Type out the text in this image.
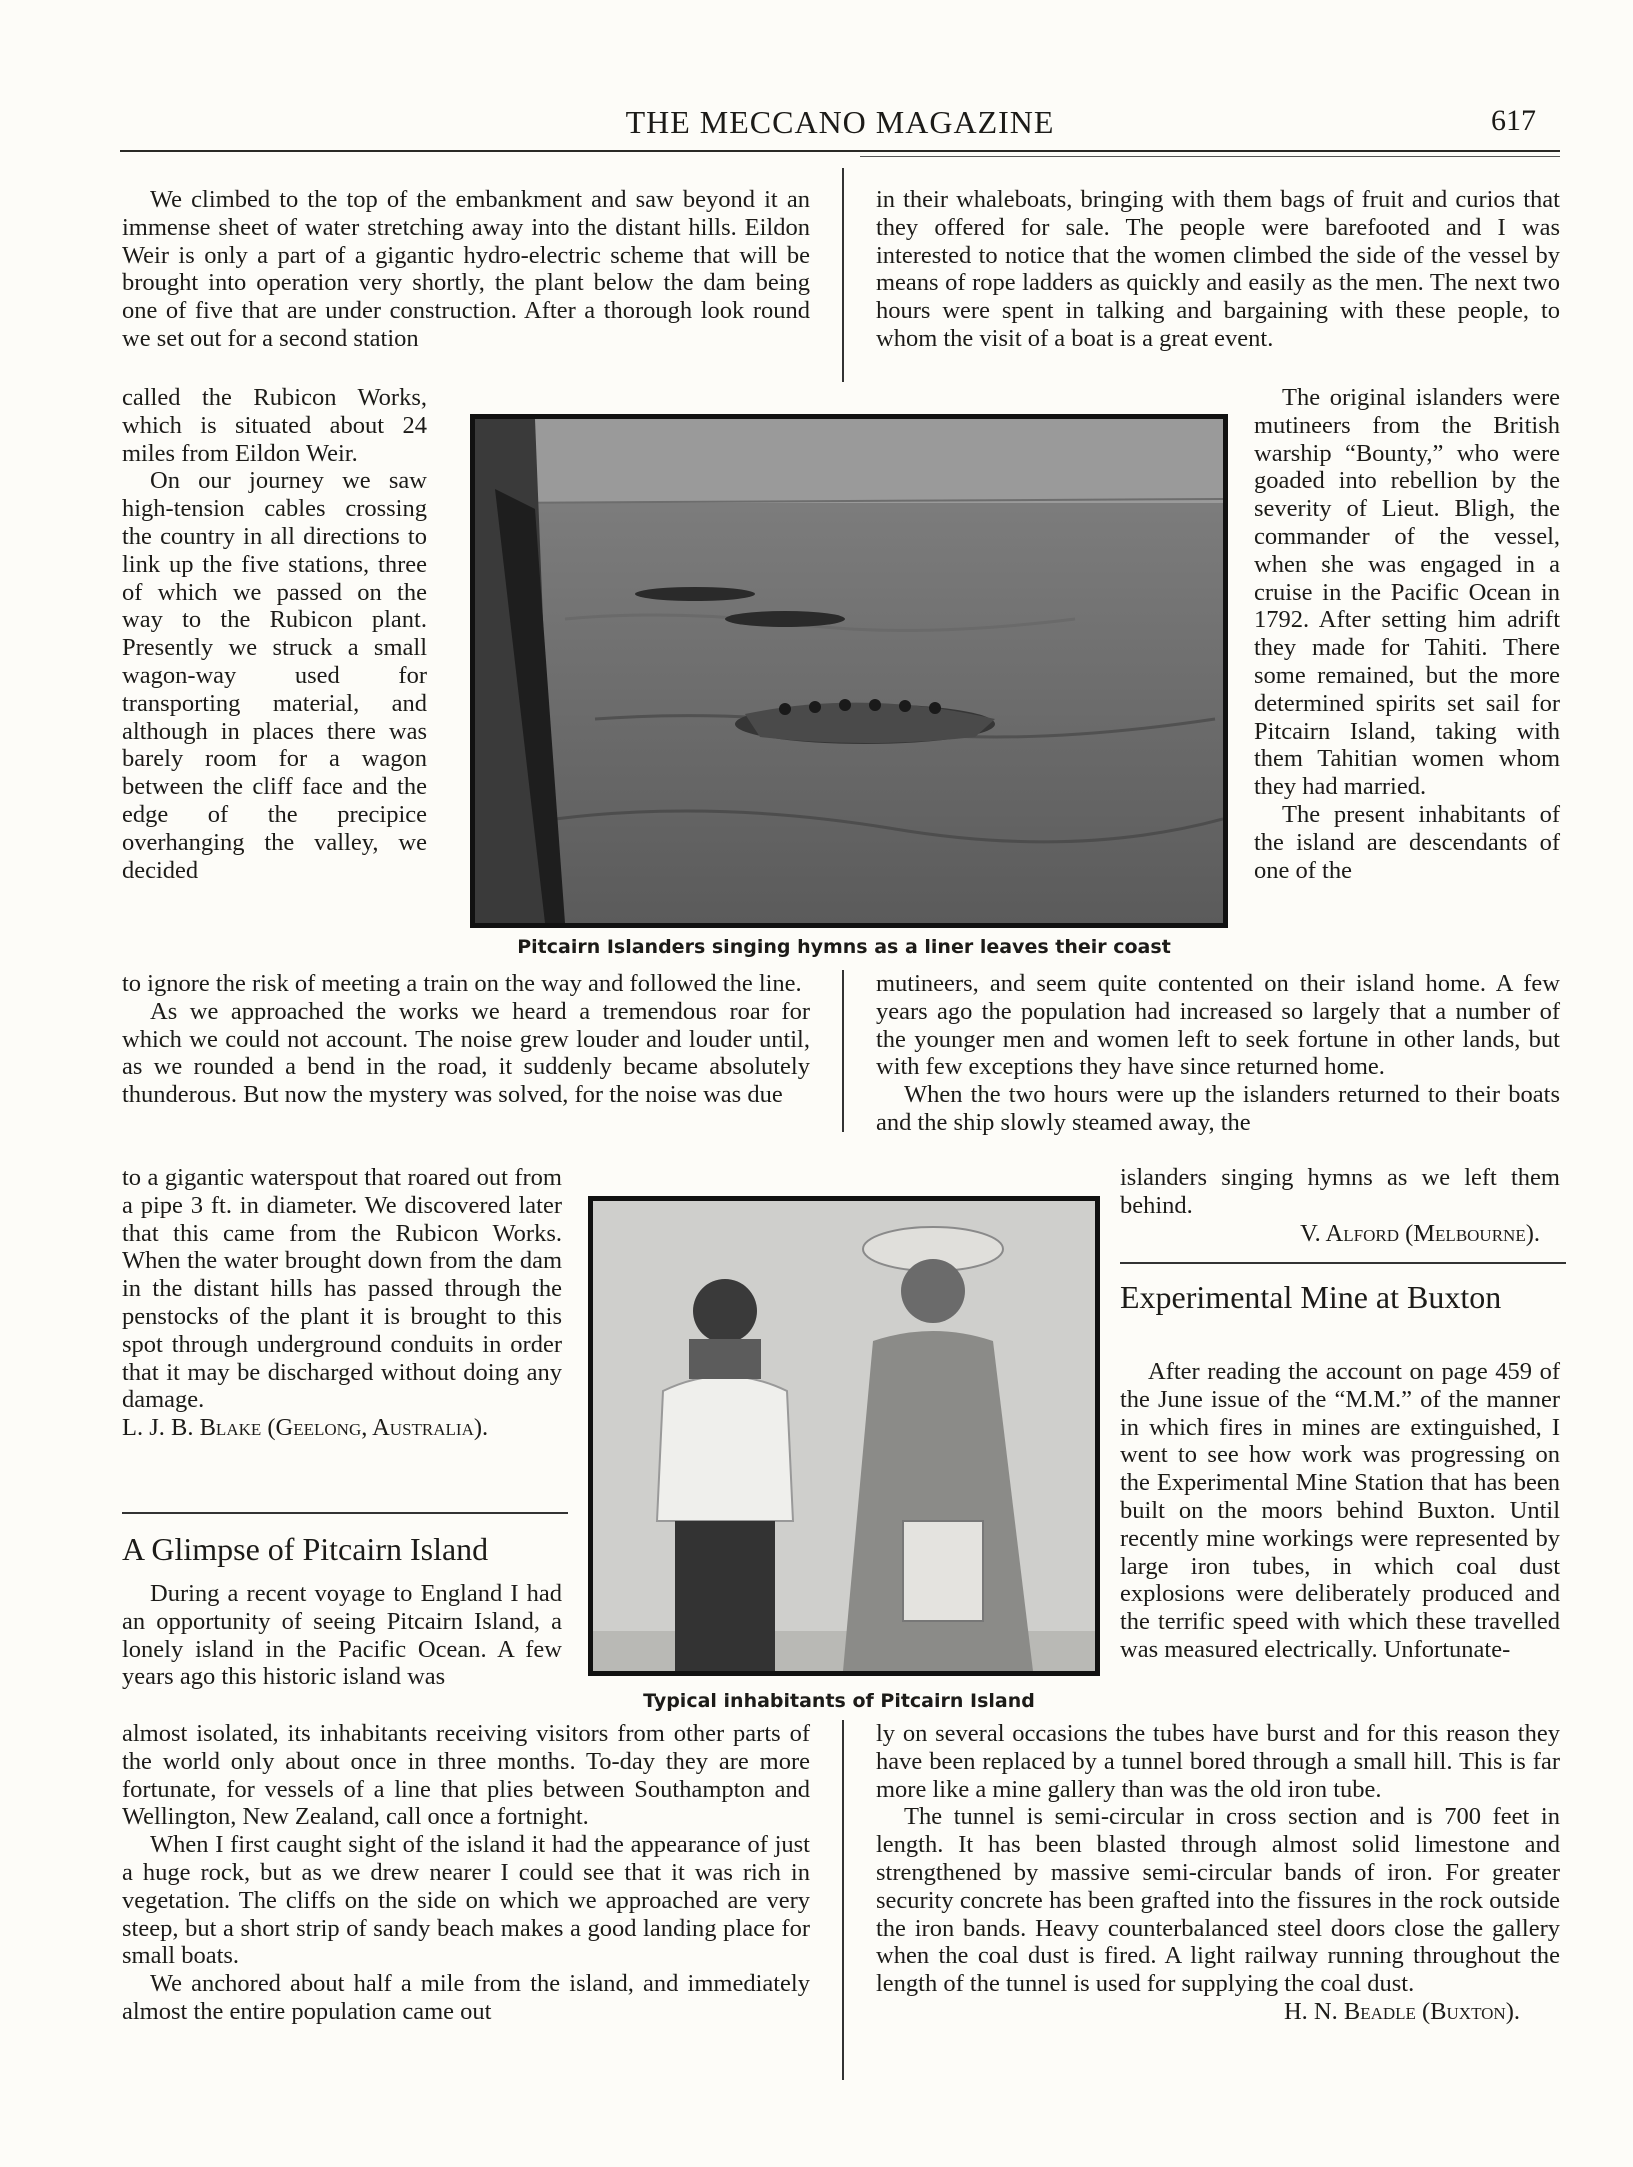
THE MECCANO MAGAZINE	617

We climbed to the top of the embankment and saw beyond it an immense sheet of water stretching away into the distant hills. Eildon Weir is only a part of a gigantic hydro-electric scheme that will be brought into operation very shortly, the plant below the dam being one of five that are under construction. After a thorough look round we set out for a second station

called the Rubicon Works, which is situated about 24 miles from Eildon Weir.

On our journey we saw high-tension cables crossing the country in all directions to link up the five stations, three of which we passed on the way to the Rubicon plant. Presently we struck a small wagon-way used for transporting material, and although in places there was barely room for a wagon between the cliff face and the edge of the precipice overhanging the valley, we decided

to ignore the risk of meeting a train on the way and followed the line.

As we approached the works we heard a tremendous roar for which we could not account. The noise grew louder and louder until, as we rounded a bend in the road, it suddenly became absolutely thunderous. But now the mystery was solved, for the noise was due

to a gigantic waterspout that roared out from a pipe 3 ft. in diameter. We discovered later that this came from the Rubicon Works. When the water brought down from the dam in the distant hills has passed through the penstocks of the plant it is brought to this spot through underground conduits in order that it may be discharged without doing any damage.

L. J. B. Blake (Geelong, Australia).

A Glimpse of Pitcairn Island

During a recent voyage to England I had an opportunity of seeing Pitcairn Island, a lonely island in the Pacific Ocean. A few years ago this historic island was

almost isolated, its inhabitants receiving visitors from other parts of the world only about once in three months. To-day they are more fortunate, for vessels of a line that plies between Southampton and Wellington, New Zealand, call once a fortnight.

When I first caught sight of the island it had the appearance of just a huge rock, but as we drew nearer I could see that it was rich in vegetation. The cliffs on the side on which we approached are very steep, but a short strip of sandy beach makes a good landing place for small boats.

We anchored about half a mile from the island, and immediately almost the entire population came out

in their whaleboats, bringing with them bags of fruit and curios that they offered for sale. The people were barefooted and I was interested to notice that the women climbed the side of the vessel by means of rope ladders as quickly and easily as the men. The next two hours were spent in talking and bargaining with these people, to whom the visit of a boat is a great event.

The original islanders were mutineers from the British warship “Bounty,” who were goaded into rebellion by the severity of Lieut. Bligh, the commander of the vessel, when she was engaged in a cruise in the Pacific Ocean in 1792. After setting him adrift they made for Tahiti. There some remained, but the more determined spirits set sail for Pitcairn Island, taking with them Tahitian women whom they had married.

The present inhabitants of the island are descendants of one of the

mutineers, and seem quite contented on their island home. A few years ago the population had increased so largely that a number of the younger men and women left to seek fortune in other lands, but with few exceptions they have since returned home.

When the two hours were up the islanders returned to their boats and the ship slowly steamed away, the

islanders singing hymns as we left them behind.

V. Alford (Melbourne).

Experimental Mine at Buxton

After reading the account on page 459 of the June issue of the “M.M.” of the manner in which fires in mines are extinguished, I went to see how work was progressing on the Experimental Mine Station that has been built on the moors behind Buxton. Until recently mine workings were represented by large iron tubes, in which coal dust explosions were deliberately produced and the terrific speed with which these travelled was measured electrically. Unfortunate-

ly on several occasions the tubes have burst and for this reason they have been replaced by a tunnel bored through a small hill. This is far more like a mine gallery than was the old iron tube.

The tunnel is semi-circular in cross section and is 700 feet in length. It has been blasted through almost solid limestone and strengthened by massive semi-circular bands of iron. For greater security concrete has been grafted into the fissures in the rock outside the iron bands. Heavy counterbalanced steel doors close the gallery when the coal dust is fired. A light railway running throughout the length of the tunnel is used for supplying the coal dust.

H. N. Beadle (Buxton).

Pitcairn Islanders singing hymns as a liner leaves their coast
Typical inhabitants of Pitcairn Island
